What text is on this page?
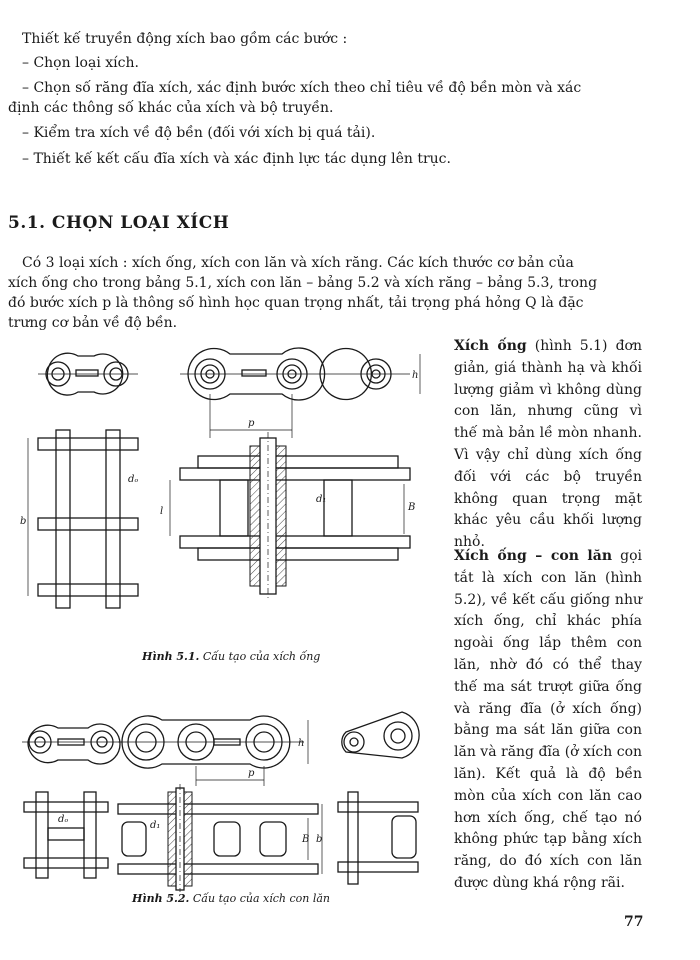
Thiết kế truyền động xích bao gồm các bước :
– Chọn loại xích.
– Chọn số răng đĩa xích, xác định bước xích theo chỉ tiêu về độ bền mòn và xác
định các thông số khác của xích và bộ truyền.
– Kiểm tra xích về độ bền (đối với xích bị quá tải).
– Thiết kế kết cấu đĩa xích và xác định lực tác dụng lên trục.
5.1. CHỌN LOẠI XÍCH
Có 3 loại xích : xích ống, xích con lăn và xích răng. Các kích thước cơ bản của
xích ống cho trong bảng 5.1, xích con lăn – bảng 5.2 và xích răng – bảng 5.3, trong
đó bước xích p là thông số hình học quan trọng nhất, tải trọng phá hỏng Q là đặc
trưng cơ bản về độ bền.

Xích ống (hình 5.1) đơn giản, giá thành hạ và khối lượng giảm vì không dùng con lăn, nhưng cũng vì thế mà bản lề mòn nhanh. Vì vậy chỉ dùng xích ống đối với các bộ truyền không quan trọng mặt khác yêu cầu khối lượng nhỏ.

Xích ống – con lăn gọi tắt là xích con lăn (hình 5.2), về kết cấu giống như xích ống, chỉ khác phía ngoài ống lắp thêm con lăn, nhờ đó có thể thay thế ma sát trượt giữa ống và răng đĩa (ở xích ống) bằng ma sát lăn giữa con lăn và răng đĩa (ở xích con lăn). Kết quả là độ bền mòn của xích con lăn cao hơn xích ống, chế tạo nó không phức tạp bằng xích răng, do đó xích con lăn được dùng khá rộng rãi.

p
h
b
dₒ
d₁
B
l
Hình 5.1. Cấu tạo của xích ống
p
h
dₒ
d₁
B b
Hình 5.2. Cấu tạo của xích con lăn
77
